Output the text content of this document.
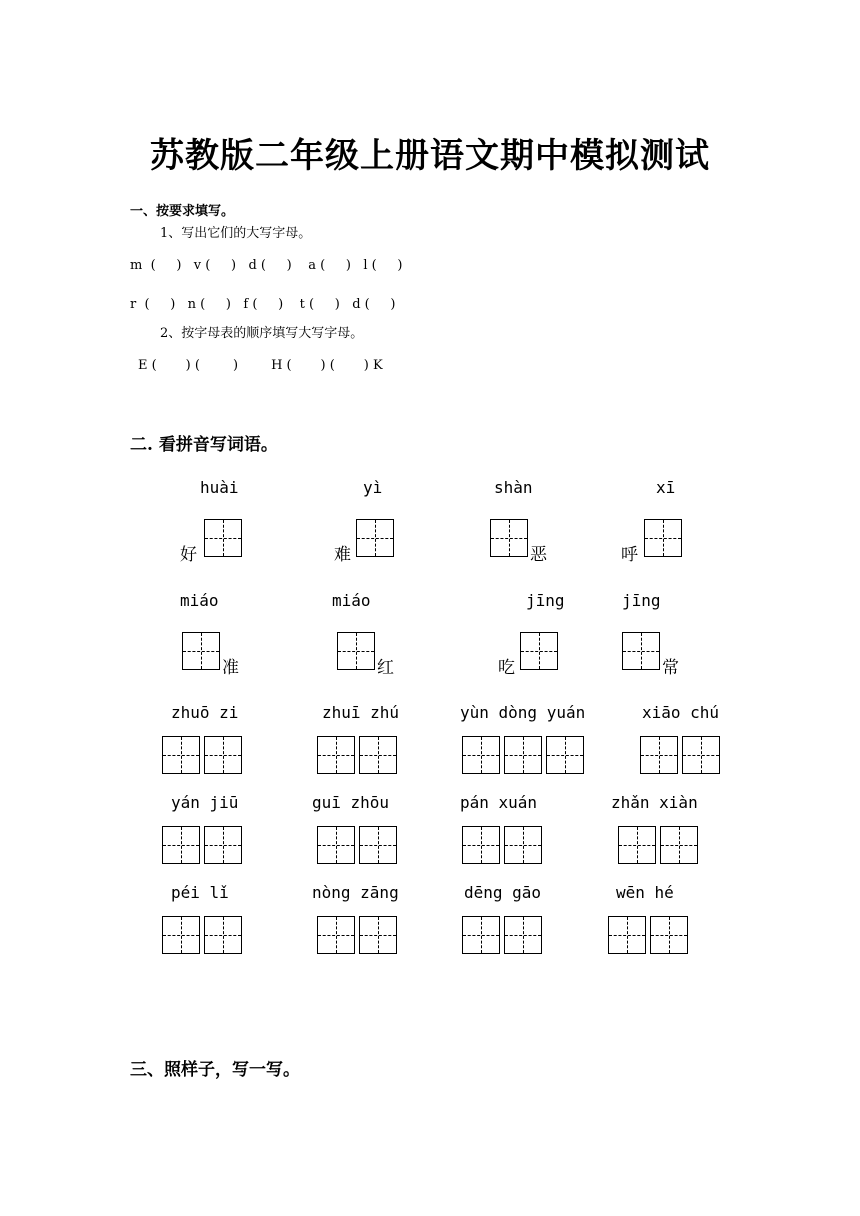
苏教版二年级上册语文期中模拟测试
一、按要求填写。
1、写出它们的大写字母。
m  (     )   v (     )   d (     )    a (     )   l (     )
r  (     )   n (     )   f (     )    t (     )   d (     )
2、按字母表的顺序填写大写字母。
E (       ) (        )        H (       ) (       ) K
二. 看拼音写词语。
huài
好
yì
难
shàn
恶
xī
呼
miáo
准
miáo
红
jīng
吃
jīng
常
zhuō zi	zhuī zhú	yùn dòng yuán	xiāo chú
yán jiū	guī zhōu	pán xuán	zhǎn xiàn
péi lǐ	nòng zāng	dēng gāo	wēn hé
三、照样子，写一写。
